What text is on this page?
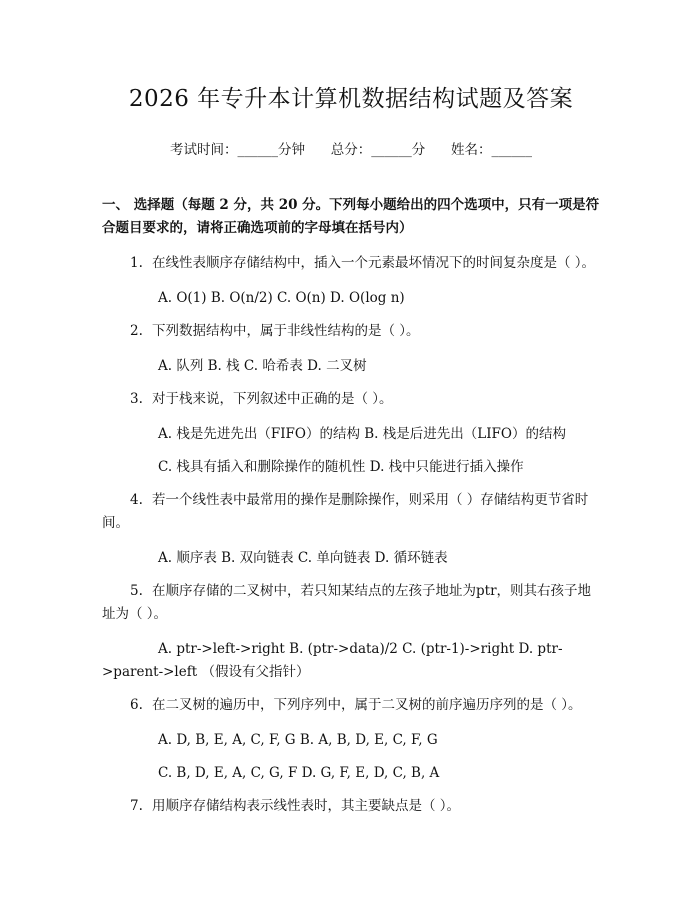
2026 年专升本计算机数据结构试题及答案
考试时间：______分钟 总分：______分 姓名：______
一、 选择题（每题 2 分，共 20 分。下列每小题给出的四个选项中，只有一项是符合题目要求的，请将正确选项前的字母填在括号内）
1. 在线性表顺序存储结构中，插入一个元素最坏情况下的时间复杂度是（ ）。
A. O(1) B. O(n/2) C. O(n) D. O(log n)
2. 下列数据结构中，属于非线性结构的是（ ）。
A. 队列 B. 栈 C. 哈希表 D. 二叉树
3. 对于栈来说，下列叙述中正确的是（ ）。
A. 栈是先进先出（FIFO）的结构 B. 栈是后进先出（LIFO）的结构
C. 栈具有插入和删除操作的随机性 D. 栈中只能进行插入操作
4. 若一个线性表中最常用的操作是删除操作，则采用（ ）存储结构更节省时间。
A. 顺序表 B. 双向链表 C. 单向链表 D. 循环链表
5. 在顺序存储的二叉树中，若只知某结点的左孩子地址为ptr，则其右孩子地址为（ ）。
A. ptr->left->right B. (ptr->data)/2 C. (ptr-1)->right D. ptr->parent->left （假设有父指针）
6. 在二叉树的遍历中，下列序列中，属于二叉树的前序遍历序列的是（ ）。
A. D, B, E, A, C, F, G B. A, B, D, E, C, F, G
C. B, D, E, A, C, G, F D. G, F, E, D, C, B, A
7. 用顺序存储结构表示线性表时，其主要缺点是（ ）。
